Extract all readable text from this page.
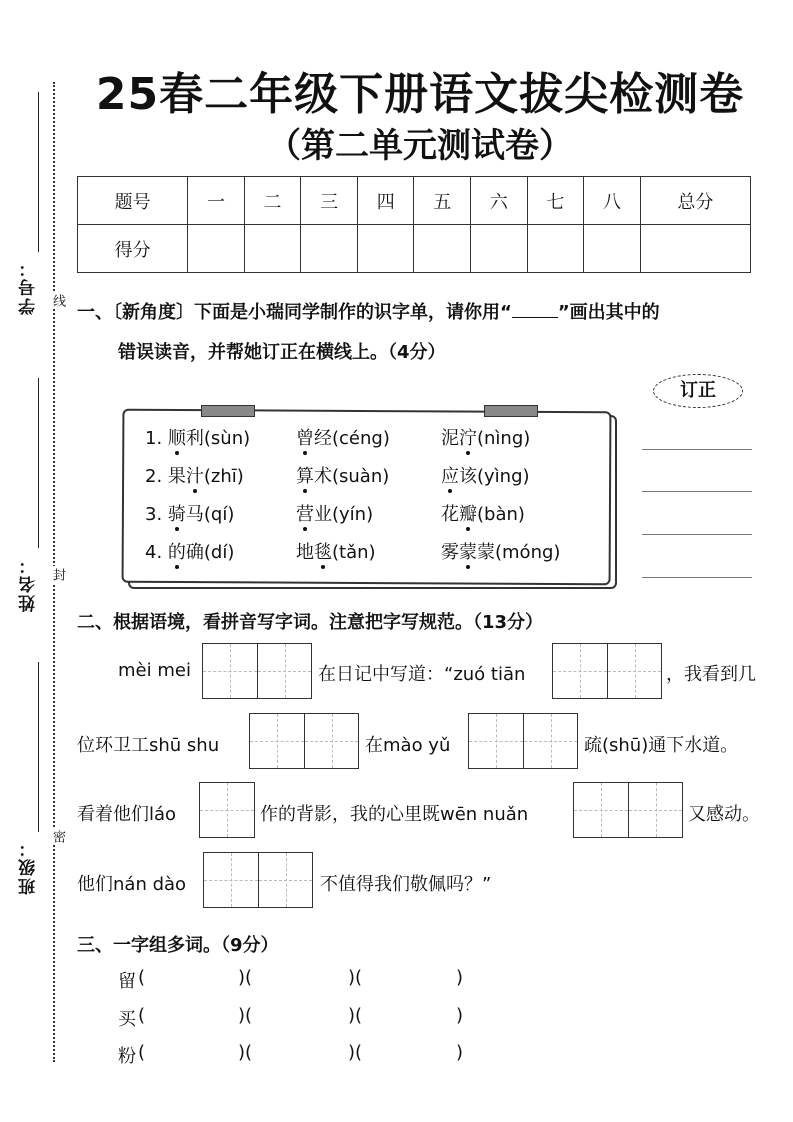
学号：
姓名：
班级：
线
封
密
25春二年级下册语文拔尖检测卷
（第二单元测试卷）
题号	一	二	三	四	五	六	七	八	总分
得分									
一、〔新角度〕下面是小瑞同学制作的识字单，请你用“	”画出其中的
错误读音，并帮她订正在横线上。（4分）
订正
1. 顺利(sùn)	曾经(céng)	泥泞(nìng)
2. 果汁(zhī)	算术(suàn)	应该(yìng)
3. 骑马(qí)	营业(yín)	花瓣(bàn)
4. 的确(dí)	地毯(tǎn)	雾蒙蒙(móng)
二、根据语境，看拼音写字词。注意把字写规范。（13分）
mèi mei	在日记中写道：“zuó tiān	，我看到几
位环卫工shū shu	在mào yǔ	疏(shū)通下水道。
看着他们láo	作的背影，我的心里既wēn nuǎn	又感动。
他们nán dào	不值得我们敬佩吗？”
三、一字组多词。（9分）
留 (	)(	)(	)
买 (	)(	)(	)
粉 (	)(	)(	)
